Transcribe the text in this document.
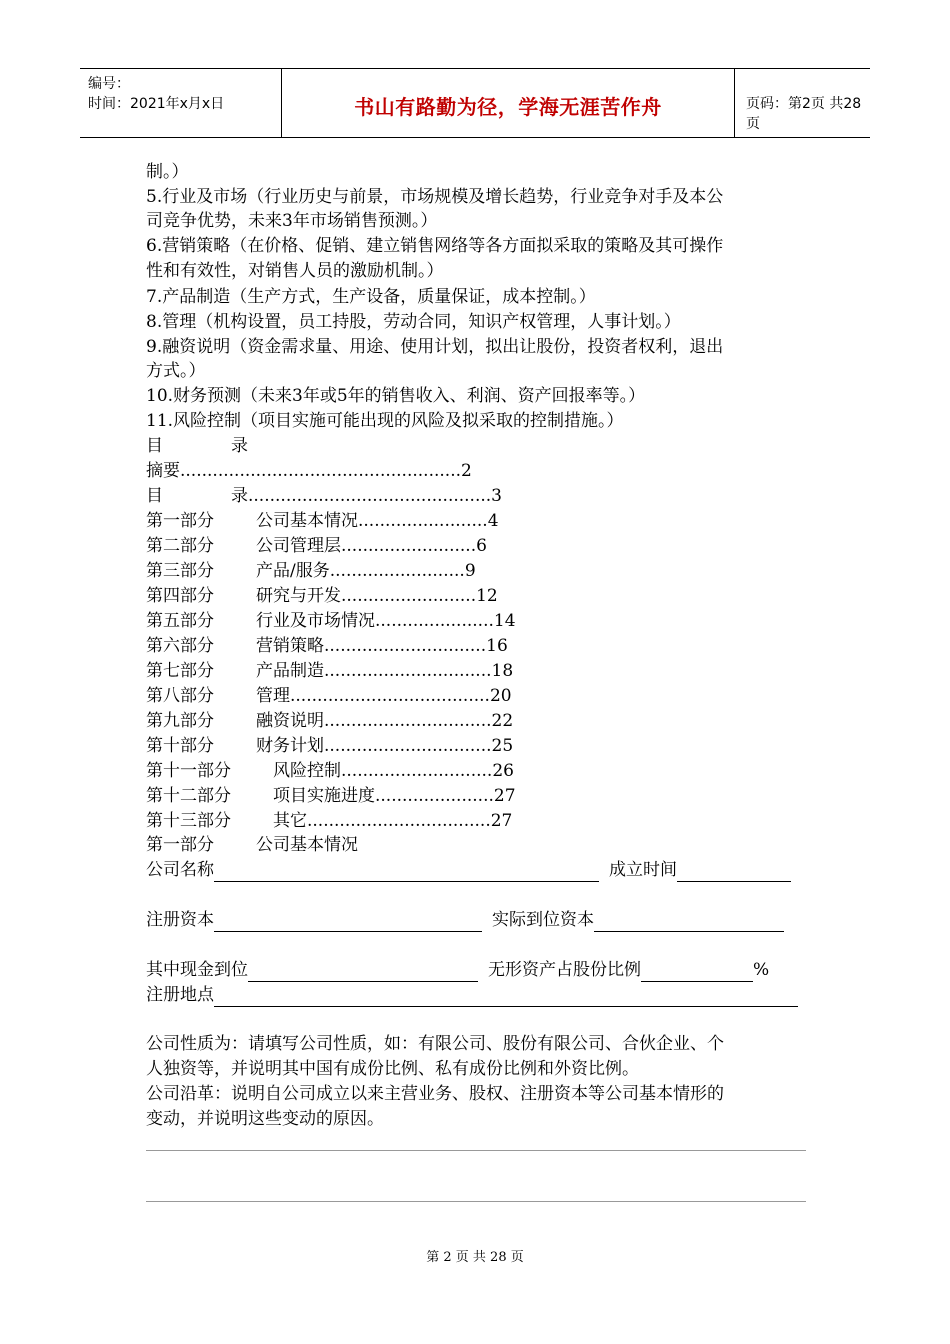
编号：
时间：2021年x月x日	书山有路勤为径，学海无涯苦作舟	页码：第2页 共28页
制。）
5.行业及市场（行业历史与前景，市场规模及增长趋势，行业竞争对手及本公
司竞争优势，未来3年市场销售预测。）
6.营销策略（在价格、促销、建立销售网络等各方面拟采取的策略及其可操作
性和有效性，对销售人员的激励机制。）
7.产品制造（生产方式，生产设备，质量保证，成本控制。）
8.管理（机构设置，员工持股，劳动合同，知识产权管理，人事计划。）
9.融资说明（资金需求量、用途、使用计划，拟出让股份，投资者权利，退出
方式。）
10.财务预测（未来3年或5年的销售收入、利润、资产回报率等。）
11.风险控制（项目实施可能出现的风险及拟采取的控制措施。）
目	录
摘要....................................................2
目	录.............................................3
第一部分 公司基本情况........................4
第二部分 公司管理层.........................6
第三部分 产品/服务.........................9
第四部分 研究与开发.........................12
第五部分 行业及市场情况......................14
第六部分 营销策略..............................16
第七部分 产品制造...............................18
第八部分 管理.....................................20
第九部分 融资说明...............................22
第十部分 财务计划...............................25
第十一部分 风险控制............................26
第十二部分 项目实施进度......................27
第十三部分 其它..................................27
第一部分 公司基本情况
公司名称	成立时间
注册资本	实际到位资本
其中现金到位	无形资产占股份比例	%
注册地点
公司性质为：请填写公司性质，如：有限公司、股份有限公司、合伙企业、个
人独资等，并说明其中国有成份比例、私有成份比例和外资比例。
公司沿革：说明自公司成立以来主营业务、股权、注册资本等公司基本情形的
变动，并说明这些变动的原因。
第 2 页 共 28 页
